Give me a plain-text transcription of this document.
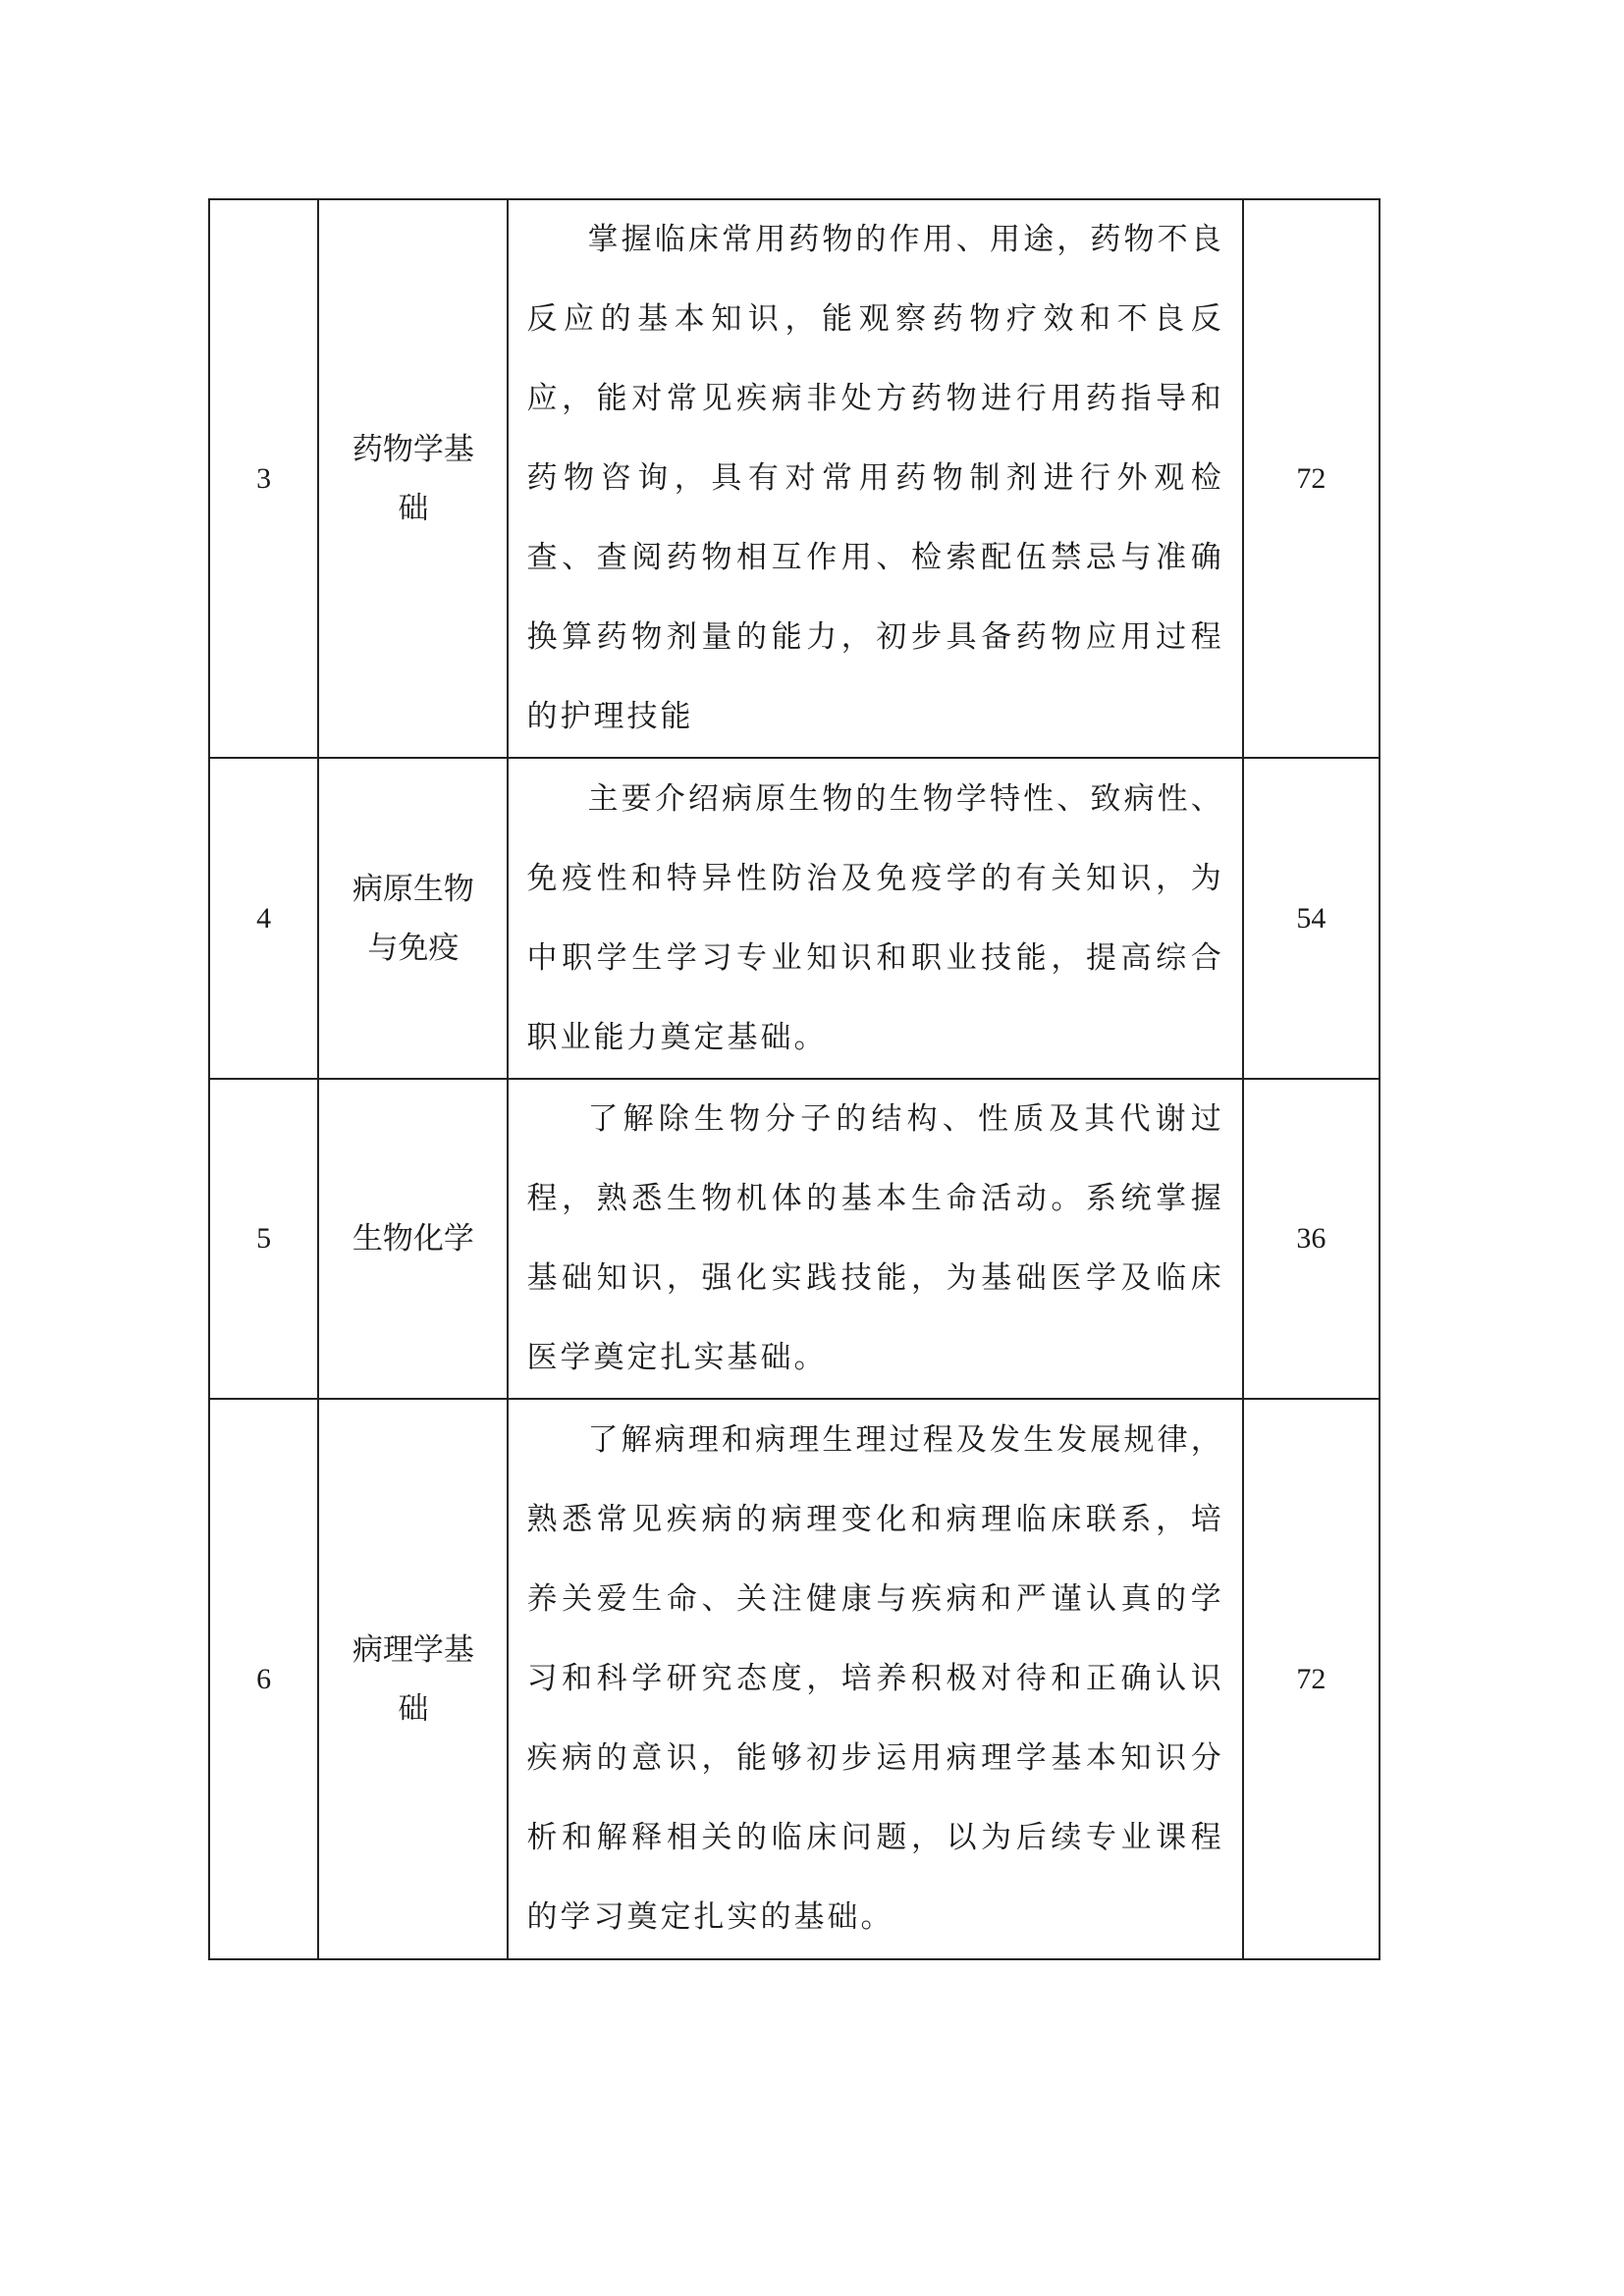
3	药物学基础	掌握临床常用药物的作用、用途，药物不良反应的基本知识，能观察药物疗效和不良反应，能对常见疾病非处方药物进行用药指导和药物咨询，具有对常用药物制剂进行外观检查、查阅药物相互作用、检索配伍禁忌与准确换算药物剂量的能力，初步具备药物应用过程的护理技能	72
4	病原生物与免疫	主要介绍病原生物的生物学特性、致病性、免疫性和特异性防治及免疫学的有关知识，为中职学生学习专业知识和职业技能，提高综合职业能力奠定基础。	54
5	生物化学	了解除生物分子的结构、性质及其代谢过程，熟悉生物机体的基本生命活动。系统掌握基础知识，强化实践技能，为基础医学及临床医学奠定扎实基础。	36
6	病理学基础	了解病理和病理生理过程及发生发展规律，熟悉常见疾病的病理变化和病理临床联系，培养关爱生命、关注健康与疾病和严谨认真的学习和科学研究态度，培养积极对待和正确认识疾病的意识，能够初步运用病理学基本知识分析和解释相关的临床问题，以为后续专业课程的学习奠定扎实的基础。	72
